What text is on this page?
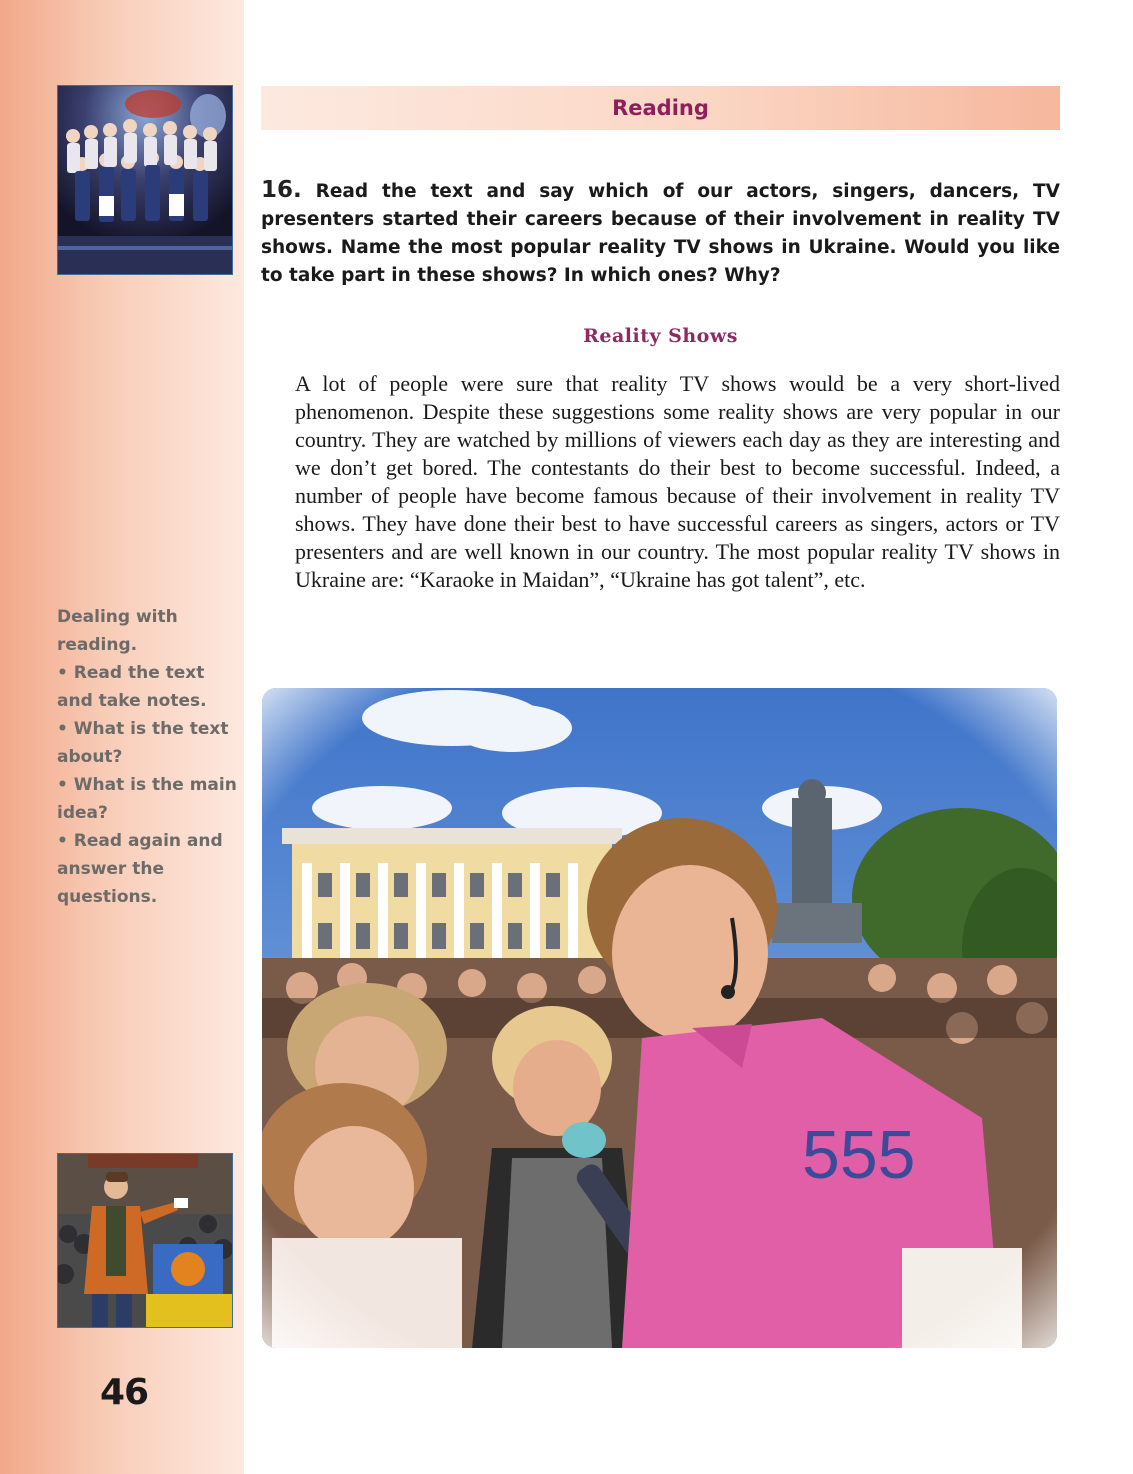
Dealing with reading.
• Read the text and take notes.
• What is the text about?
• What is the main idea?
• Read again and answer the questions.
46
Reading
16. Read the text and say which of our actors, singers, dancers, TV presenters started their careers because of their involvement in reality TV shows. Name the most popular reality TV shows in Ukraine. Would you like to take part in these shows? In which ones? Why?
Reality Shows

A lot of people were sure that reality TV shows would be a very short-lived phenomenon. Despite these suggestions some reality shows are very popular in our country. They are watched by millions of viewers each day as they are interesting and we don’t get bored. The contestants do their best to become successful. Indeed, a number of people have become famous because of their involvement in reality TV shows. They have done their best to have successful careers as singers, actors or TV presenters and are well known in our country. The most popular reality TV shows in Ukraine are: “Karaoke in Maidan”, “Ukraine has got talent”, etc.
